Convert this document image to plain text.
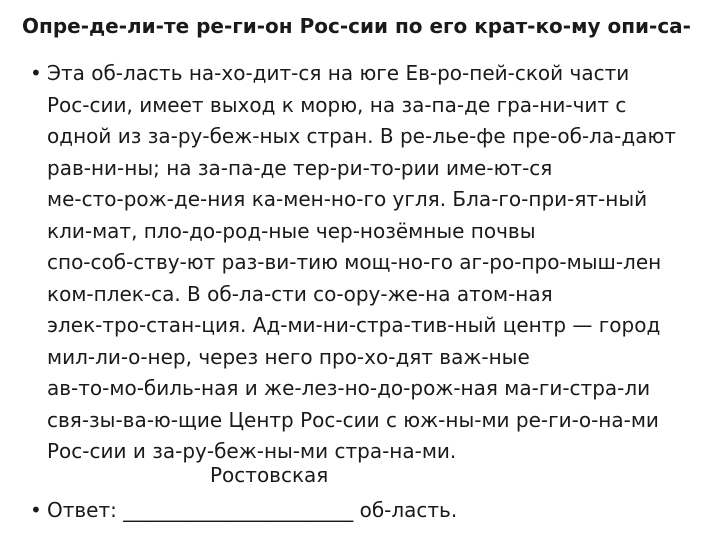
Опре-де-ли-те ре-ги-он Рос-сии по его крат-ко-му опи-са-
• Эта об-ласть на-хо-дит-ся на юге Ев-ро-пей-ской части
Рос-сии, имеет выход к морю, на за-па-де гра-ни-чит с
одной из за-ру-беж-ных стран. В ре-лье-фе пре-об-ла-дают
рав-ни-ны; на за-па-де тер-ри-то-рии име-ют-ся
ме-сто-рож-де-ния ка-мен-но-го угля. Бла-го-при-ят-ный
кли-мат, пло-до-род-ные чер-нозёмные почвы
спо-соб-ству-ют раз-ви-тию мощ-но-го аг-ро-про-мыш-лен
ком-плек-са. В об-ла-сти со-ору-же-на атом-ная
элек-тро-стан-ция. Ад-ми-ни-стра-тив-ный центр — город
мил-ли-о-нер, через него про-хо-дят важ-ные
ав-то-мо-биль-ная и же-лез-но-до-рож-ная ма-ги-стра-ли
свя-зы-ва-ю-щие Центр Рос-сии с юж-ны-ми ре-ги-о-на-ми
Рос-сии и за-ру-беж-ны-ми стра-на-ми.
Ростовская
• Ответ: _______________________ об-ласть.
